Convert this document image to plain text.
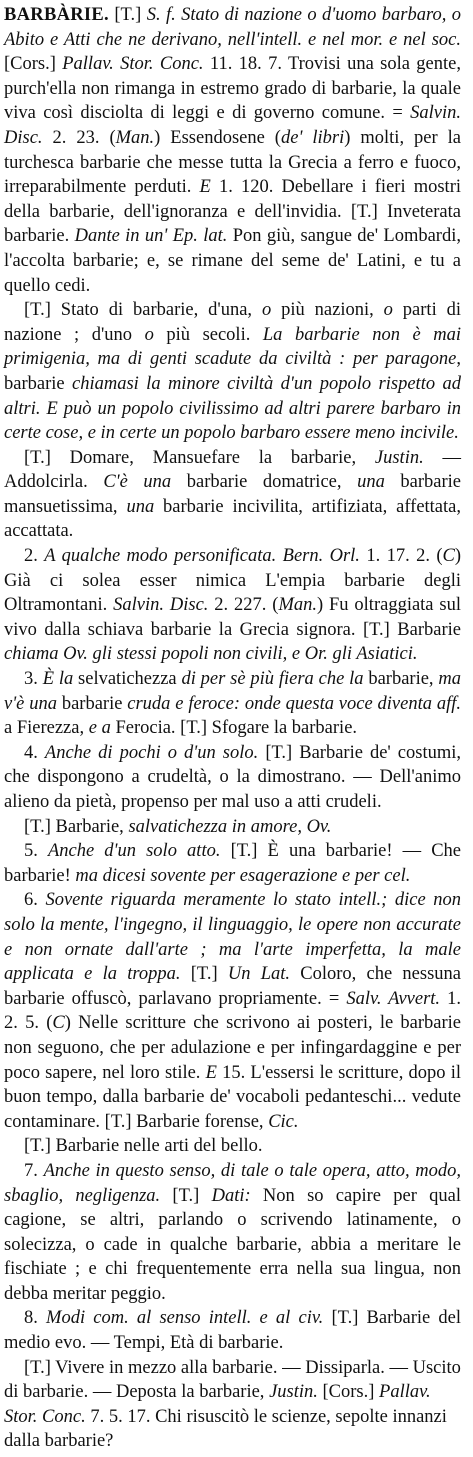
BARBÀRIE. [T.] S. f. Stato di nazione o d'uomo barbaro, o Abito e Atti che ne derivano, nell'intell. e nel mor. e nel soc. [Cors.] Pallav. Stor. Conc. 11. 18. 7. Trovisi una sola gente, purch'ella non rimanga in estremo grado di barbarie, la quale viva così disciolta di leggi e di governo comune. = Salvin. Disc. 2. 23. (Man.) Essendosene (de' libri) molti, per la turchesca barbarie che messe tutta la Grecia a ferro e fuoco, irreparabilmente perduti. E 1. 120. Debellare i fieri mostri della barbarie, dell'ignoranza e dell'invidia. [T.] Inveterata barbarie. Dante in un' Ep. lat. Pon giù, sangue de' Lombardi, l'accolta barbarie; e, se rimane del seme de' Latini, e tu a quello cedi.

[T.] Stato di barbarie, d'una, o più nazioni, o parti di nazione ; d'uno o più secoli. La barbarie non è mai primigenia, ma di genti scadute da civiltà : per paragone, barbarie chiamasi la minore civiltà d'un popolo rispetto ad altri. E può un popolo civilissimo ad altri parere barbaro in certe cose, e in certe un popolo barbaro essere meno incivile.

[T.] Domare, Mansuefare la barbarie, Justin. — Addolcirla. C'è una barbarie domatrice, una barbarie mansuetissima, una barbarie incivilita, artifiziata, affettata, accattata.

2. A qualche modo personificata. Bern. Orl. 1. 17. 2. (C) Già ci solea esser nimica L'empia barbarie degli Oltramontani. Salvin. Disc. 2. 227. (Man.) Fu oltraggiata sul vivo dalla schiava barbarie la Grecia signora. [T.] Barbarie chiama Ov. gli stessi popoli non civili, e Or. gli Asiatici.

3. È la selvatichezza di per sè più fiera che la barbarie, ma v'è una barbarie cruda e feroce: onde questa voce diventa aff. a Fierezza, e a Ferocia. [T.] Sfogare la barbarie.

4. Anche di pochi o d'un solo. [T.] Barbarie de' costumi, che dispongono a crudeltà, o la dimostrano. — Dell'animo alieno da pietà, propenso per mal uso a atti crudeli.

[T.] Barbarie, salvatichezza in amore, Ov.

5. Anche d'un solo atto. [T.] È una barbarie! — Che barbarie! ma dicesi sovente per esagerazione e per cel.

6. Sovente riguarda meramente lo stato intell.; dice non solo la mente, l'ingegno, il linguaggio, le opere non accurate e non ornate dall'arte ; ma l'arte imperfetta, la male applicata e la troppa. [T.] Un Lat. Coloro, che nessuna barbarie offuscò, parlavano propriamente. = Salv. Avvert. 1. 2. 5. (C) Nelle scritture che scrivono ai posteri, le barbarie non seguono, che per adulazione e per infingardaggine e per poco sapere, nel loro stile. E 15. L'essersi le scritture, dopo il buon tempo, dalla barbarie de' vocaboli pedanteschi... vedute contaminare. [T.] Barbarie forense, Cic.

[T.] Barbarie nelle arti del bello.

7. Anche in questo senso, di tale o tale opera, atto, modo, sbaglio, negligenza. [T.] Dati: Non so capire per qual cagione, se altri, parlando o scrivendo latinamente, o solecizza, o cade in qualche barbarie, abbia a meritare le fischiate ; e chi frequentemente erra nella sua lingua, non debba meritar peggio.

8. Modi com. al senso intell. e al civ. [T.] Barbarie del medio evo. — Tempi, Età di barbarie.

[T.] Vivere in mezzo alla barbarie. — Dissiparla. — Uscito di barbarie. — Deposta la barbarie, Justin. [Cors.] Pallav. Stor. Conc. 7. 5. 17. Chi risuscitò le scienze, sepolte innanzi dalla barbarie?
